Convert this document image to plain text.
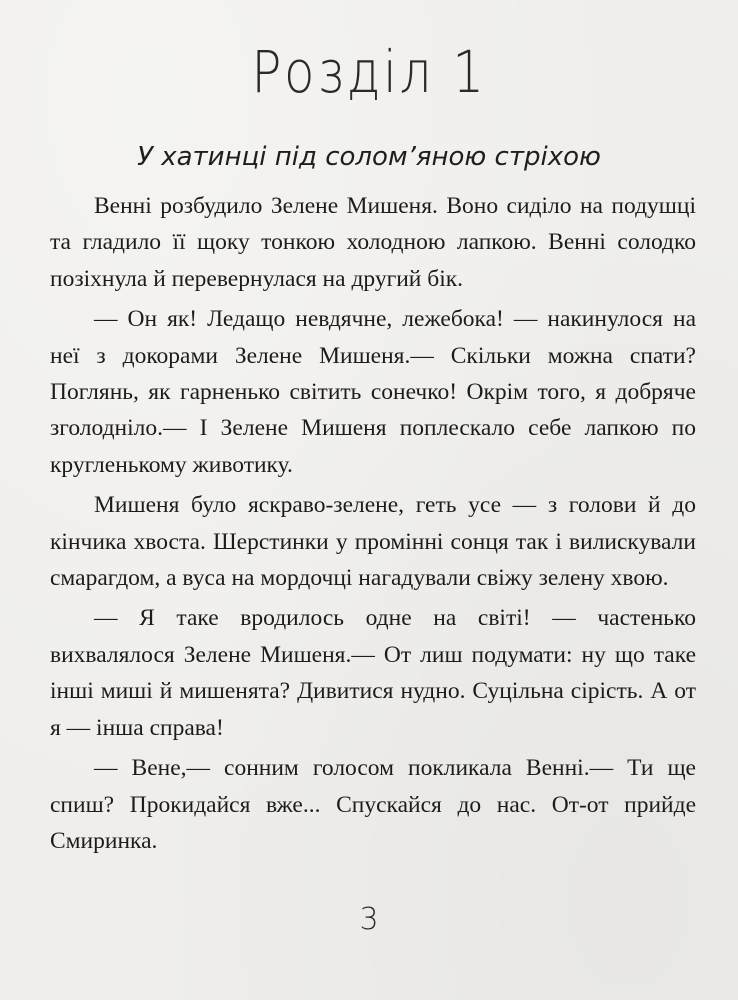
Розділ 1
У хатинці під солом’яною стріхою

Венні розбудило Зелене Мишеня. Воно сиділо на подушці та гладило її щоку тонкою холодною лапкою. Венні солодко позіхнула й перевернулася на другий бік.

— Он як! Ледащо невдячне, лежебока! — накинулося на неї з докорами Зелене Мишеня.— Скільки можна спати? Поглянь, як гарненько світить сонечко! Окрім того, я добряче зголодніло.— І Зелене Мишеня поплескало себе лапкою по кругленькому животику.

Мишеня було яскраво-зелене, геть усе — з голови й до кінчика хвоста. Шерстинки у промінні сонця так і вилискували смарагдом, а вуса на мордочці нагадували свіжу зелену хвою.

— Я таке вродилось одне на світі! — частенько вихвалялося Зелене Мишеня.— От лиш подумати: ну що таке інші миші й мишенята? Дивитися нудно. Суцільна сірість. А от я — інша справа!

— Вене,— сонним голосом покликала Венні.— Ти ще спиш? Прокидайся вже... Спускайся до нас. От-от прийде Смиринка.

3
